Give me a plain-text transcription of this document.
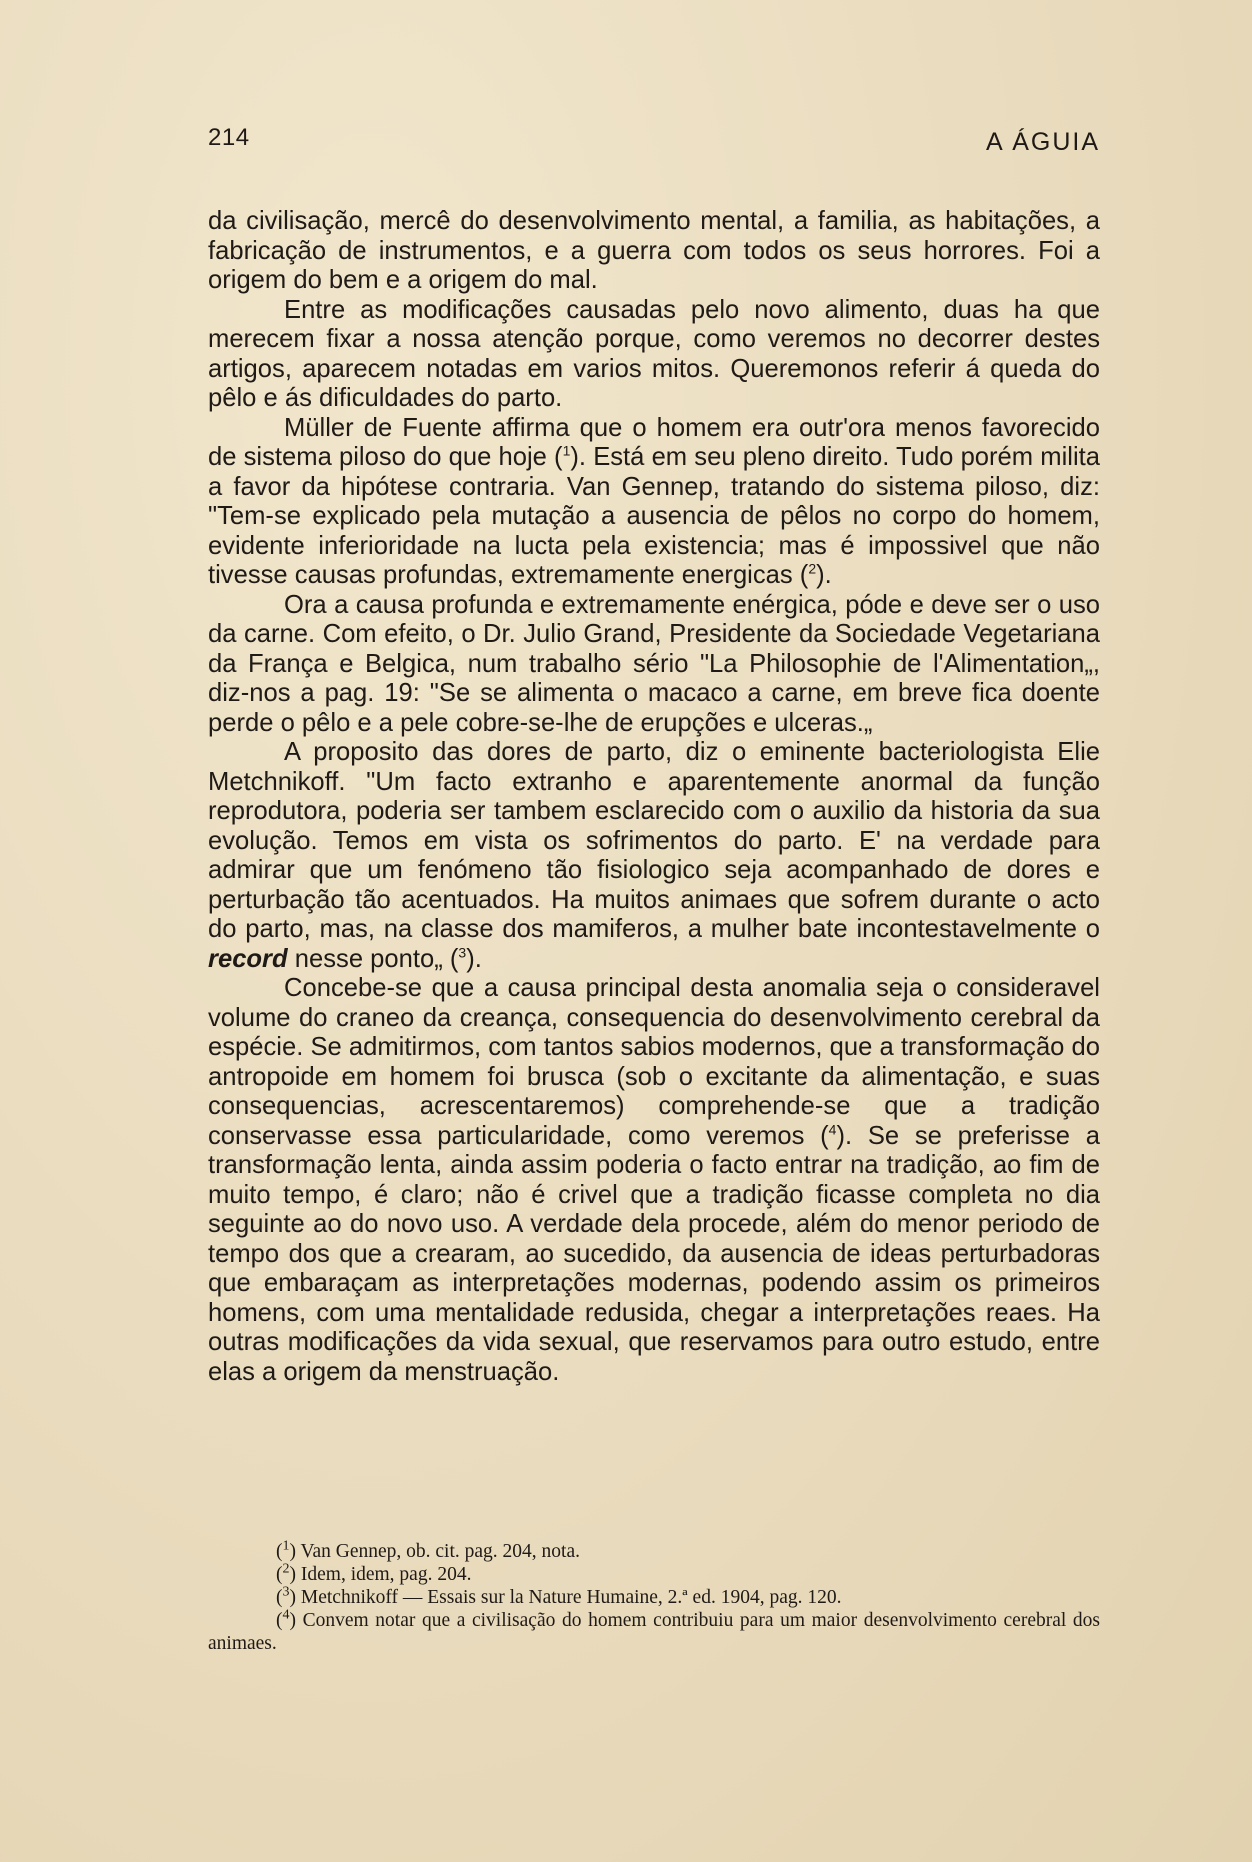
214	A ÁGUIA

da civilisação, mercê do desenvolvimento mental, a familia, as habitações, a fabricação de instrumentos, e a guerra com todos os seus horrores. Foi a origem do bem e a origem do mal.

Entre as modificações causadas pelo novo alimento, duas ha que merecem fixar a nossa atenção porque, como veremos no decorrer destes artigos, aparecem notadas em varios mitos. Queremonos referir á queda do pêlo e ás dificuldades do parto.

Müller de Fuente affirma que o homem era outr'ora menos favorecido de sistema piloso do que hoje ($^1$). Está em seu pleno direito. Tudo porém milita a favor da hipótese contraria. Van Gennep, tratando do sistema piloso, diz: "Tem-se explicado pela mutação a ausencia de pêlos no corpo do homem, evidente inferioridade na lucta pela existencia; mas é impossivel que não tivesse causas profundas, extremamente energicas ($^2$).

Ora a causa profunda e extremamente enérgica, póde e deve ser o uso da carne. Com efeito, o Dr. Julio Grand, Presidente da Sociedade Vegetariana da França e Belgica, num trabalho sério "La Philosophie de l'Alimentation„, diz-nos a pag. 19: "Se se alimenta o macaco a carne, em breve fica doente perde o pêlo e a pele cobre-se-lhe de erupções e ulceras.„

A proposito das dores de parto, diz o eminente bacteriologista Elie Metchnikoff. "Um facto extranho e aparentemente anormal da função reprodutora, poderia ser tambem esclarecido com o auxilio da historia da sua evolução. Temos em vista os sofrimentos do parto. E' na verdade para admirar que um fenómeno tão fisiologico seja acompanhado de dores e perturbação tão acentuados. Ha muitos animaes que sofrem durante o acto do parto, mas, na classe dos mamiferos, a mulher bate incontestavelmente o record nesse ponto„ ($^3$).

Concebe-se que a causa principal desta anomalia seja o consideravel volume do craneo da creança, consequencia do desenvolvimento cerebral da espécie. Se admitirmos, com tantos sabios modernos, que a transformação do antropoide em homem foi brusca (sob o excitante da alimentação, e suas consequencias, acrescentaremos) comprehende-se que a tradição conservasse essa particularidade, como veremos ($^4$). Se se preferisse a transformação lenta, ainda assim poderia o facto entrar na tradição, ao fim de muito tempo, é claro; não é crivel que a tradição ficasse completa no dia seguinte ao do novo uso. A verdade dela procede, além do menor periodo de tempo dos que a crearam, ao sucedido, da ausencia de ideas perturbadoras que embaraçam as interpretações modernas, podendo assim os primeiros homens, com uma mentalidade redusida, chegar a interpretações reaes. Ha outras modificações da vida sexual, que reservamos para outro estudo, entre elas a origem da menstruação.

($^1$) Van Gennep, ob. cit. pag. 204, nota.
($^2$) Idem, idem, pag. 204.
($^3$) Metchnikoff — Essais sur la Nature Humaine, 2.ª ed. 1904, pag. 120.
($^4$) Convem notar que a civilisação do homem contribuiu para um maior desenvolvimento cerebral dos animaes.
